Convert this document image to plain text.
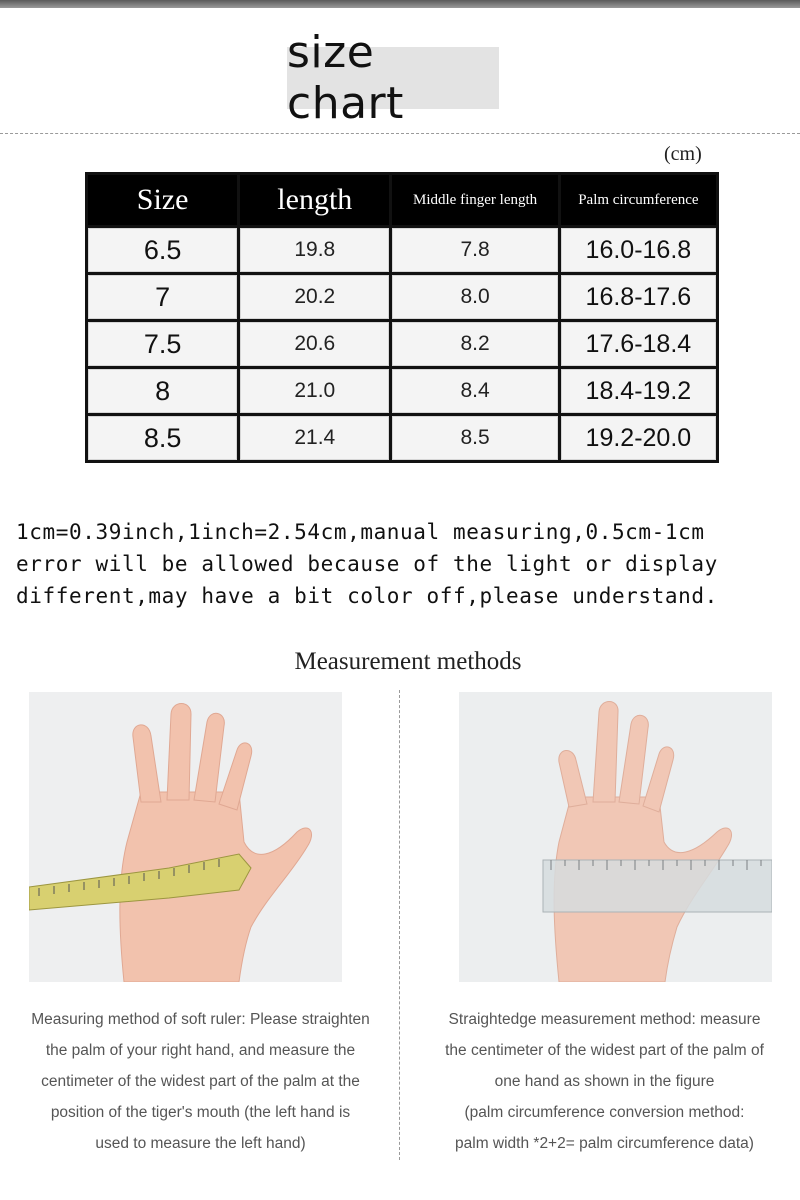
size chart
(cm)
Size	length	Middle finger length	Palm circumference
6.5	19.8	7.8	16.0-16.8
7	20.2	8.0	16.8-17.6
7.5	20.6	8.2	17.6-18.4
8	21.0	8.4	18.4-19.2
8.5	21.4	8.5	19.2-20.0
1cm=0.39inch,1inch=2.54cm,manual measuring,0.5cm-1cm
error will be allowed because of the light or display
different,may have a bit color off,please understand.
Measurement methods
Measuring method of soft ruler: Please straighten
the palm of your right hand, and measure the
centimeter of the widest part of the palm at the
position of the tiger's mouth (the left hand is
used to measure the left hand)
Straightedge measurement method: measure
the centimeter of the widest part of the palm of
one hand as shown in the figure
(palm circumference conversion method:
palm width *2+2= palm circumference data)
